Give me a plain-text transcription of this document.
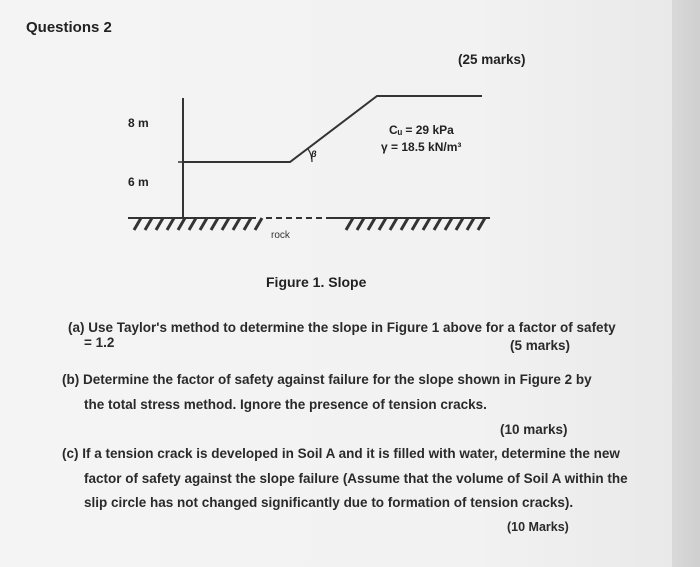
Questions 2
(25 marks)
β
8 m
6 m
Cᵤ = 29 kPa
γ = 18.5 kN/m³
rock
Figure 1. Slope
(a) Use Taylor's method to determine the slope in Figure 1 above for a factor of safety
= 1.2	(5 marks)
(b) Determine the factor of safety against failure for the slope shown in Figure 2 by
the total stress method. Ignore the presence of tension cracks.
(10 marks)
(c) If a tension crack is developed in Soil A and it is filled with water, determine the new
factor of safety against the slope failure (Assume that the volume of Soil A within the
slip circle has not changed significantly due to formation of tension cracks).
(10 Marks)
